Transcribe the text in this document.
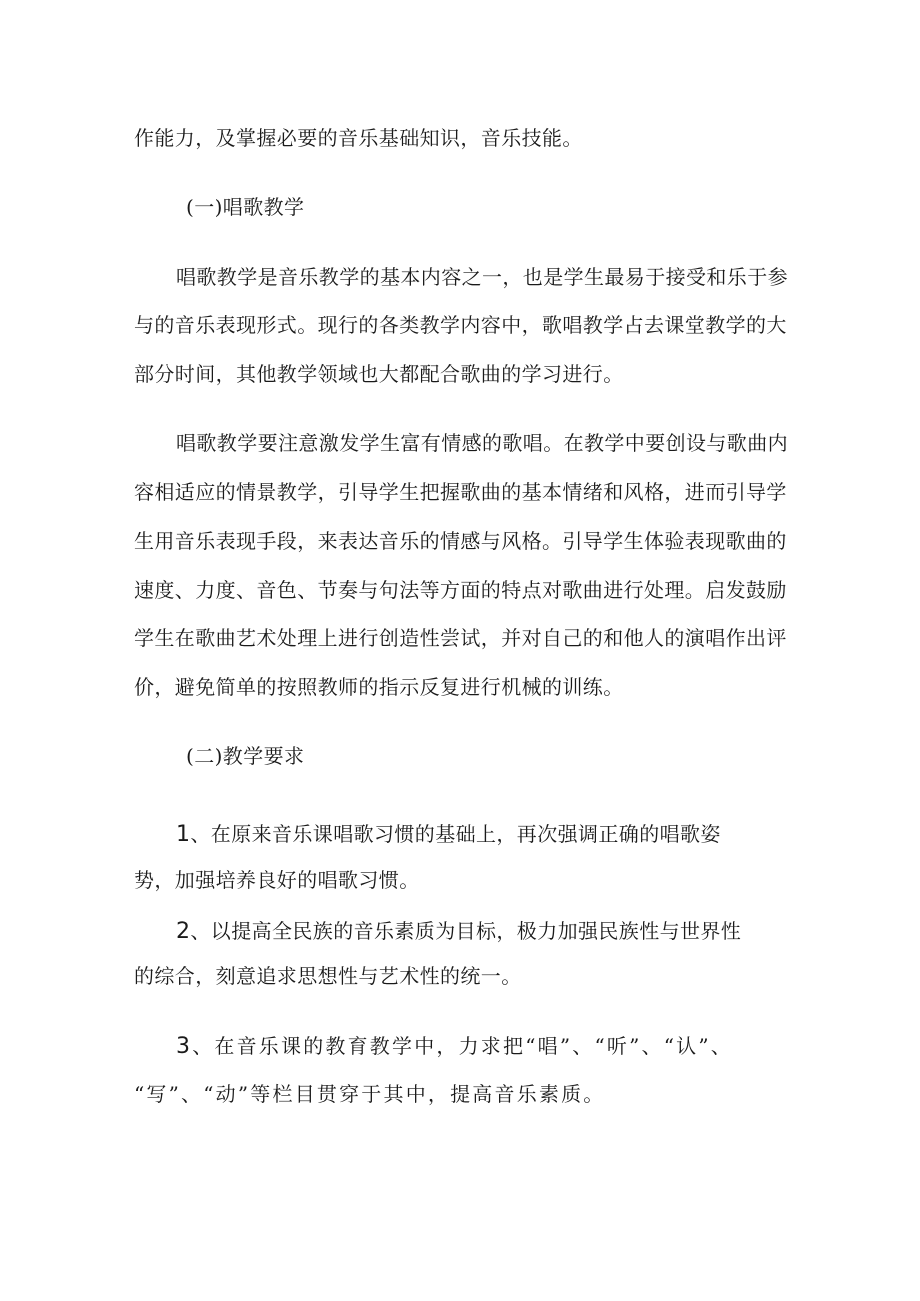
作能力，及掌握必要的音乐基础知识，音乐技能。
(一)唱歌教学
唱歌教学是音乐教学的基本内容之一，也是学生最易于接受和乐于参
与的音乐表现形式。现行的各类教学内容中，歌唱教学占去课堂教学的大
部分时间，其他教学领域也大都配合歌曲的学习进行。
唱歌教学要注意激发学生富有情感的歌唱。在教学中要创设与歌曲内
容相适应的情景教学，引导学生把握歌曲的基本情绪和风格，进而引导学
生用音乐表现手段，来表达音乐的情感与风格。引导学生体验表现歌曲的
速度、力度、音色、节奏与句法等方面的特点对歌曲进行处理。启发鼓励
学生在歌曲艺术处理上进行创造性尝试，并对自己的和他人的演唱作出评
价，避免简单的按照教师的指示反复进行机械的训练。
(二)教学要求
1、在原来音乐课唱歌习惯的基础上，再次强调正确的唱歌姿
势，加强培养良好的唱歌习惯。
2、以提高全民族的音乐素质为目标，极力加强民族性与世界性
的综合，刻意追求思想性与艺术性的统一。
3、在音乐课的教育教学中，力求把“唱”、“听”、“认”、
“写”、“动”等栏目贯穿于其中，提高音乐素质。
